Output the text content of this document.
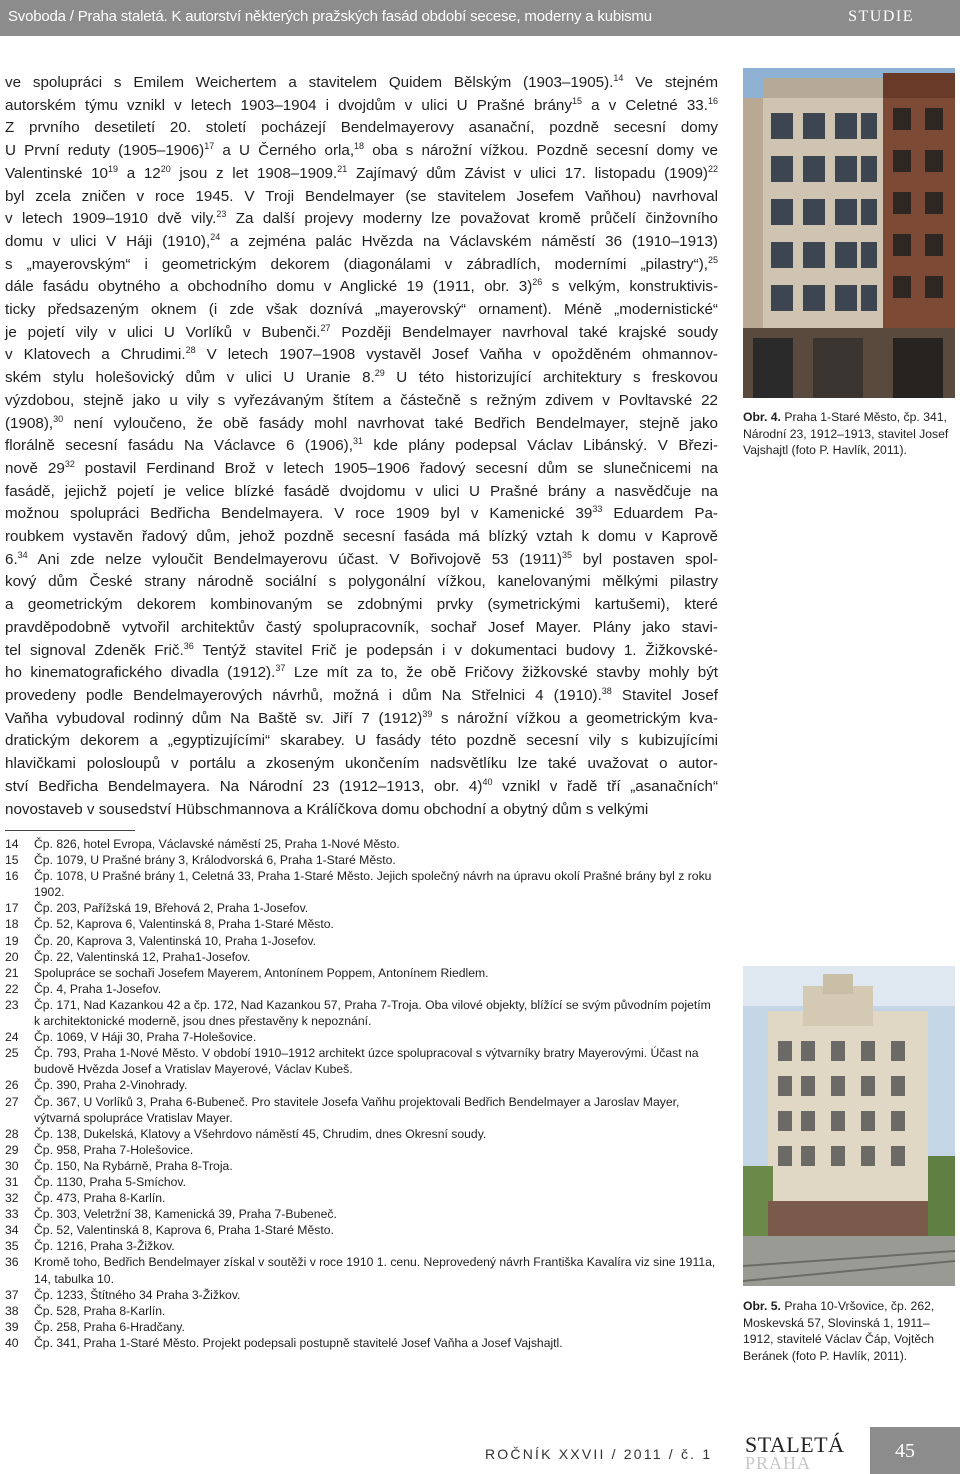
Svoboda / Praha staletá. K autorství některých pražských fasád období secese, moderny a kubismu	STUDIE
ve spolupráci s Emilem Weichertem a stavitelem Quidem Bělským (1903–1905).$^{14}$ Ve stejném
autorském týmu vznikl v letech 1903–1904 i dvojdům v ulici U Prašné brány$^{15}$ a v Celetné 33.16
Z prvního desetiletí 20. století pocházejí Bendelmayerovy asanační, pozdně secesní domy
U První reduty (1905–1906)$^{17}$ a U Černého orla,$^{18}$ oba s nárožní vížkou. Pozdně secesní domy ve
Valentinské $10^{19}$ a $12^{20}$ jsou z let 1908–1909.21 Zajímavý dům Závist v ulici 17. listopadu $(1909)^{22}$
byl zcela zničen v roce 1945. V Troji Bendelmayer (se stavitelem Josefem Vaňhou) navrhoval
v letech 1909–1910 dvě vily.$^{23}$ Za další projevy moderny lze považovat kromě průčelí činžovního
domu v ulici V Háji (1910),$^{24}$ a zejména palác Hvězda na Václavském náměstí 36 (1910–1913)
s „mayerovským“ i geometrickým dekorem (diagonálami v zábradlích, moderními „pilastry“),$^{25}$
dále fasádu obytného a obchodního domu v Anglické 19 (1911, obr. 3)$^{26}$ s velkým, konstruktivis-
ticky předsazeným oknem (i zde však doznívá „mayerovský“ ornament). Méně „modernistické“
je pojetí vily v ulici U Vorlíků v Bubenči.$^{27}$ Později Bendelmayer navrhoval také krajské soudy
v Klatovech a Chrudimi.$^{28}$ V letech 1907–1908 vystavěl Josef Vaňha v opožděném ohmannov-
ském stylu holešovický dům v ulici U Uranie 8.29 U této historizující architektury s freskovou
výzdobou, stejně jako u vily s vyřezávaným štítem a částečně s režným zdivem v Povltavské 22
(1908),$^{30}$ není vyloučeno, že obě fasády mohl navrhovat také Bedřich Bendelmayer, stejně jako
florálně secesní fasádu Na Václavce 6 (1906),$^{31}$ kde plány podepsal Václav Libánský. V Březi-
nově $29^{32}$ postavil Ferdinand Brož v letech 1905–1906 řadový secesní dům se slunečnicemi na
fasádě, jejichž pojetí je velice blízké fasádě dvojdomu v ulici U Prašné brány a nasvědčuje na
možnou spolupráci Bedřicha Bendelmayera. V roce 1909 byl v Kamenické $39^{33}$ Eduardem Pa-
roubkem vystavěn řadový dům, jehož pozdně secesní fasáda má blízký vztah k domu v Kaprově
6.34 Ani zde nelze vyloučit Bendelmayerovu účast. V Bořivojově 53 $(1911)^{35}$ byl postaven spol-
kový dům České strany národně sociální s polygonální vížkou, kanelovanými mělkými pilastry
a geometrickým dekorem kombinovaným se zdobnými prvky (symetrickými kartušemi), které
pravděpodobně vytvořil architektův častý spolupracovník, sochař Josef Mayer. Plány jako stavi-
tel signoval Zdeněk Frič.$^{36}$ Tentýž stavitel Frič je podepsán i v dokumentaci budovy 1. Žižkovské-
ho kinematografického divadla (1912).$^{37}$ Lze mít za to, že obě Fričovy žižkovské stavby mohly být
provedeny podle Bendelmayerových návrhů, možná i dům Na Střelnici 4 (1910).$^{38}$ Stavitel Josef
Vaňha vybudoval rodinný dům Na Baště sv. Jiří 7 $(1912)^{39}$ s nárožní vížkou a geometrickým kva-
dratickým dekorem a „egyptizujícími“ skarabey. U fasády této pozdně secesní vily s kubizujícími
hlavičkami polosloupů v portálu a zkoseným ukončením nadsvětlíku lze také uvažovat o autor-
ství Bedřicha Bendelmayera. Na Národní 23 (1912–1913, obr. 4)$^{40}$ vznikl v řadě tří „asanačních“
novostaveb v sousedství Hübschmannova a Králíčkova domu obchodní a obytný dům s velkými
Obr. 4. Praha 1-Staré Město, čp. 341, Národní 23, 1912–1913, stavitel Josef Vajshajtl (foto P. Havlík, 2011).
Obr. 5. Praha 10-Vršovice, čp. 262, Moskevská 57, Slovinská 1, 1911–1912, stavitelé Václav Čáp, Vojtěch Beránek (foto P. Havlík, 2011).
14	Čp. 826, hotel Evropa, Václavské náměstí 25, Praha 1-Nové Město.
15	Čp. 1079, U Prašné brány 3, Králodvorská 6, Praha 1-Staré Město.
16	Čp. 1078, U Prašné brány 1, Celetná 33, Praha 1-Staré Město. Jejich společný návrh na úpravu okolí Prašné brány byl z roku 1902.
17	Čp. 203, Pařížská 19, Břehová 2, Praha 1-Josefov.
18	Čp. 52, Kaprova 6, Valentinská 8, Praha 1-Staré Město.
19	Čp. 20, Kaprova 3, Valentinská 10, Praha 1-Josefov.
20	Čp. 22, Valentinská 12, Praha1-Josefov.
21	Spolupráce se sochaři Josefem Mayerem, Antonínem Poppem, Antonínem Riedlem.
22	Čp. 4, Praha 1-Josefov.
23	Čp. 171, Nad Kazankou 42 a čp. 172, Nad Kazankou 57, Praha 7-Troja. Oba vilové objekty, blížící se svým původním pojetím k architektonické moderně, jsou dnes přestavěny k nepoznání.
24	Čp. 1069, V Háji 30, Praha 7-Holešovice.
25	Čp. 793, Praha 1-Nové Město. V období 1910–1912 architekt úzce spolupracoval s výtvarníky bratry Mayerovými. Účast na budově Hvězda Josef a Vratislav Mayerové, Václav Kubeš.
26	Čp. 390, Praha 2-Vinohrady.
27	Čp. 367, U Vorlíků 3, Praha 6-Bubeneč. Pro stavitele Josefa Vaňhu projektovali Bedřich Bendelmayer a Jaroslav Mayer, výtvarná spolupráce Vratislav Mayer.
28	Čp. 138, Dukelská, Klatovy a Všehrdovo náměstí 45, Chrudim, dnes Okresní soudy.
29	Čp. 958, Praha 7-Holešovice.
30	Čp. 150, Na Rybárně, Praha 8-Troja.
31	Čp. 1130, Praha 5-Smíchov.
32	Čp. 473, Praha 8-Karlín.
33	Čp. 303, Veletržní 38, Kamenická 39, Praha 7-Bubeneč.
34	Čp. 52, Valentinská 8, Kaprova 6, Praha 1-Staré Město.
35	Čp. 1216, Praha 3-Žižkov.
36	Kromě toho, Bedřich Bendelmayer získal v soutěži v roce 1910 1. cenu. Neprovedený návrh Františka Kavalíra viz sine 1911a, 14, tabulka 10.
37	Čp. 1233, Štítného 34 Praha 3-Žižkov.
38	Čp. 528, Praha 8-Karlín.
39	Čp. 258, Praha 6-Hradčany.
40	Čp. 341, Praha 1-Staré Město. Projekt podepsali postupně stavitelé Josef Vaňha a Josef Vajshajtl.
ROČNÍK XXVII / 2011 / č. 1 STALETÁ
PRAHA
45
